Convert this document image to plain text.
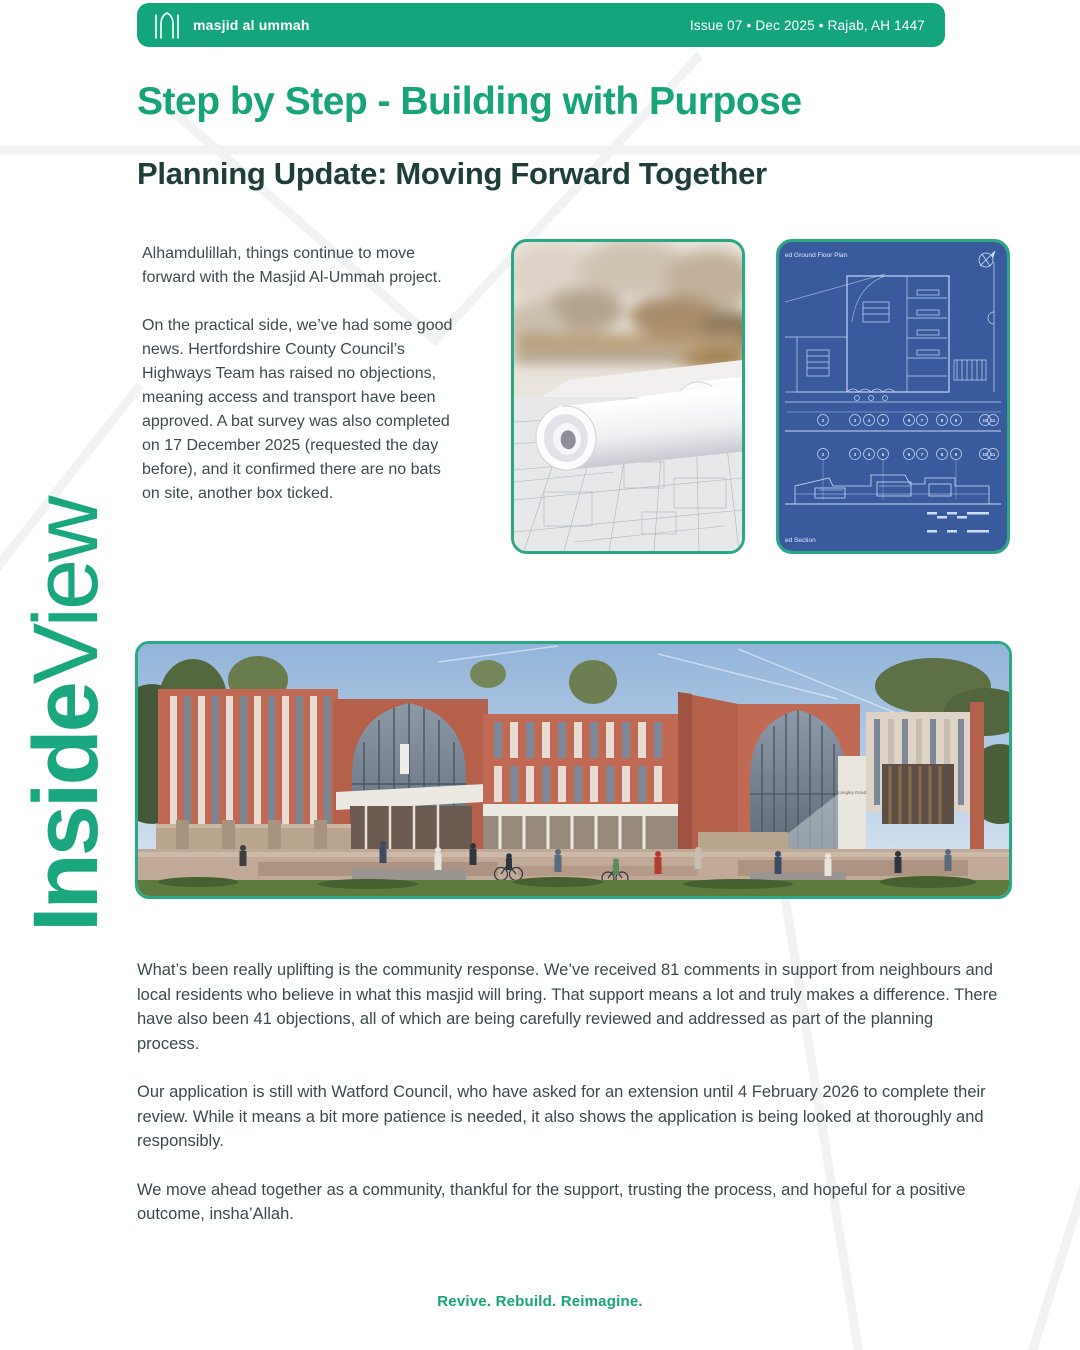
masjid al ummah	Issue 07 • Dec 2025 • Rajab, AH 1447
Step by Step - Building with Purpose
Planning Update: Moving Forward Together
InsideView

Alhamdulillah, things continue to move forward with the Masjid Al-Ummah project.

On the practical side, we’ve had some good news. Hertfordshire County Council’s Highways Team has raised no objections, meaning access and transport have been approved. A bat survey was also completed on 17 December 2025 (requested the day before), and it confirmed there are no bats on site, another box ticked.

2	3	4	5	6 7	8	9	10 11
2	3	4	5	6 7	8	9	10 11
ed Ground Floor Plan
ed Section
Langley Road

What’s been really uplifting is the community response. We’ve received 81 comments in support from neighbours and local residents who believe in what this masjid will bring. That support means a lot and truly makes a difference. There have also been 41 objections, all of which are being carefully reviewed and addressed as part of the planning process.

Our application is still with Watford Council, who have asked for an extension until 4 February 2026 to complete their review. While it means a bit more patience is needed, it also shows the application is being looked at thoroughly and responsibly.

We move ahead together as a community, thankful for the support, trusting the process, and hopeful for a positive outcome, insha’Allah.

Revive. Rebuild. Reimagine.
